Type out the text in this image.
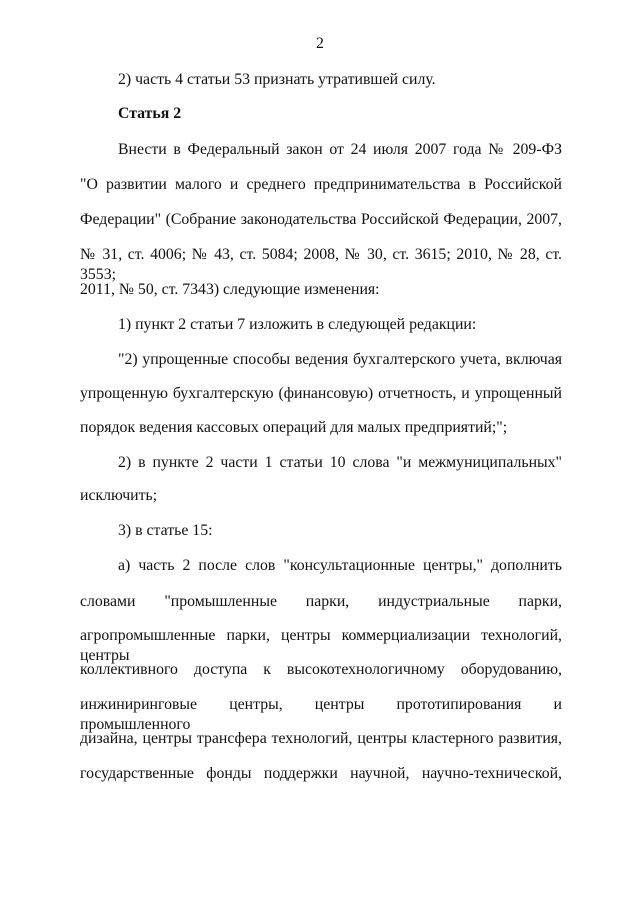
2
2) часть 4 статьи 53 признать утратившей силу.
Статья 2
Внести в Федеральный закон от 24 июля 2007 года № 209-ФЗ
"О развитии малого и среднего предпринимательства в Российской
Федерации" (Собрание законодательства Российской Федерации, 2007,
№ 31, ст. 4006; № 43, ст. 5084; 2008, № 30, ст. 3615; 2010, № 28, ст. 3553;
2011, № 50, ст. 7343) следующие изменения:
1) пункт 2 статьи 7 изложить в следующей редакции:
"2) упрощенные способы ведения бухгалтерского учета, включая
упрощенную бухгалтерскую (финансовую) отчетность, и упрощенный
порядок ведения кассовых операций для малых предприятий;";
2) в пункте 2 части 1 статьи 10 слова "и межмуниципальных"
исключить;
3) в статье 15:
а) часть 2 после слов "консультационные центры," дополнить
словами "промышленные парки, индустриальные парки,
агропромышленные парки, центры коммерциализации технологий, центры
коллективного доступа к высокотехнологичному оборудованию,
инжиниринговые центры, центры прототипирования и промышленного
дизайна, центры трансфера технологий, центры кластерного развития,
государственные фонды поддержки научной, научно-технической,
